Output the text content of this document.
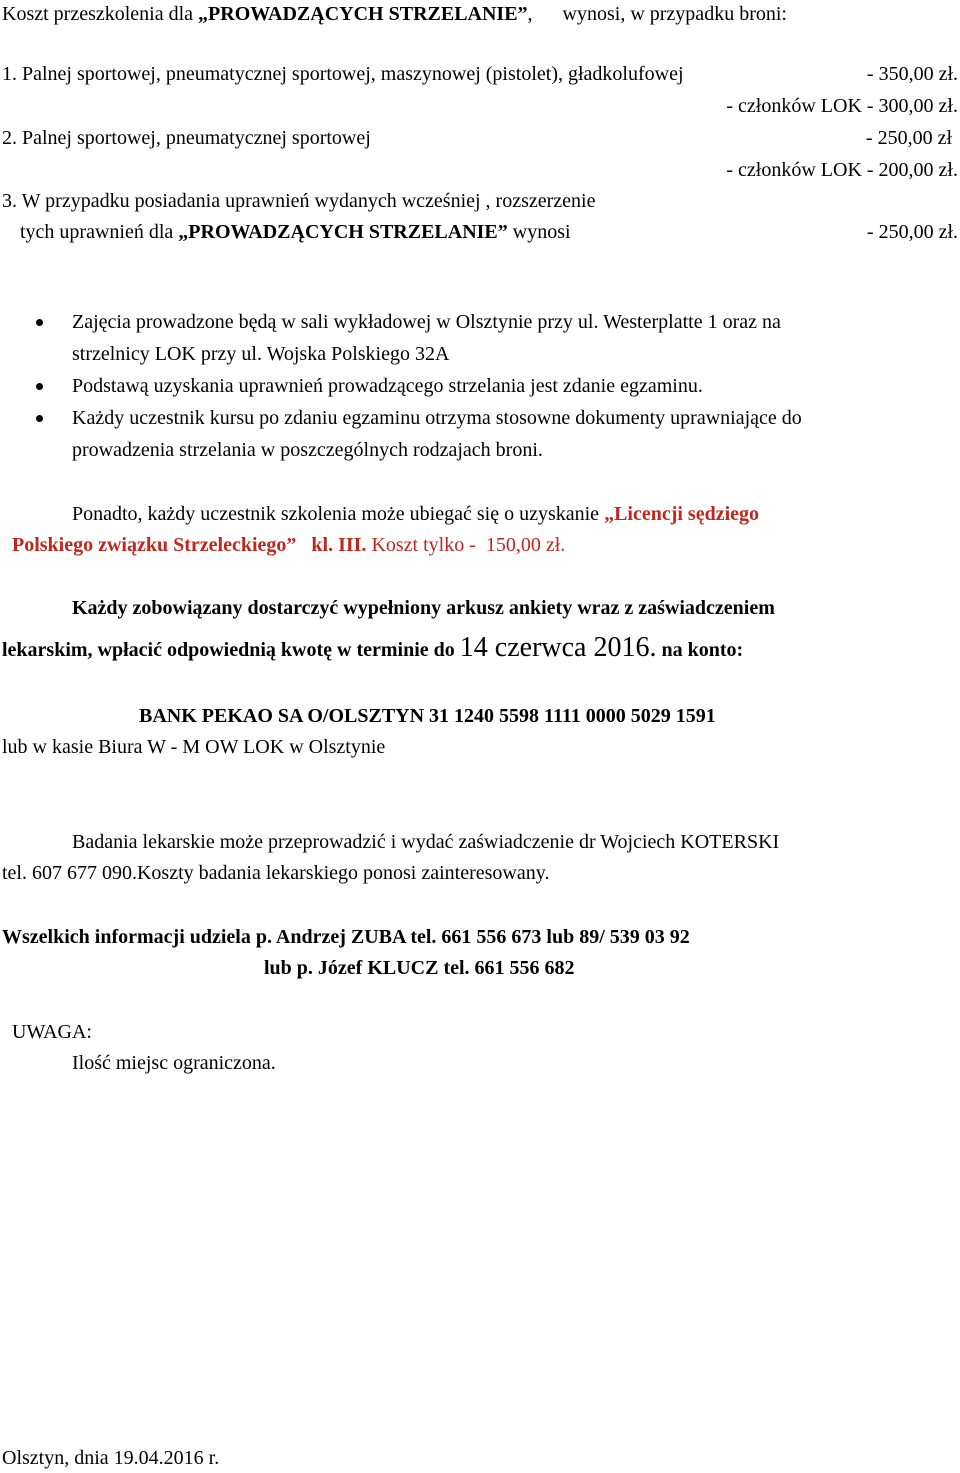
Koszt przeszkolenia dla „PROWADZĄCYCH STRZELANIE”,      wynosi, w przypadku broni:
1. Palnej sportowej, pneumatycznej sportowej, maszynowej (pistolet), gładkolufowej	- 350,00 zł.
- członków LOK - 300,00 zł.
2. Palnej sportowej, pneumatycznej sportowej	- 250,00 zł
- członków LOK - 200,00 zł.
3. W przypadku posiadania uprawnień wydanych wcześniej , rozszerzenie
tych uprawnień dla „PROWADZĄCYCH STRZELANIE” wynosi	- 250,00 zł.
Zajęcia prowadzone będą w sali wykładowej w Olsztynie przy ul. Westerplatte 1 oraz na
strzelnicy LOK przy ul. Wojska Polskiego 32A
Podstawą uzyskania uprawnień prowadzącego strzelania jest zdanie egzaminu.
Każdy uczestnik kursu po zdaniu egzaminu otrzyma stosowne dokumenty uprawniające do
prowadzenia strzelania w poszczególnych rodzajach broni.
Ponadto, każdy uczestnik szkolenia może ubiegać się o uzyskanie „Licencji sędziego
Polskiego związku Strzeleckiego”   kl. III. Koszt tylko -  150,00 zł.
Każdy zobowiązany dostarczyć wypełniony arkusz ankiety wraz z zaświadczeniem
lekarskim, wpłacić odpowiednią kwotę w terminie do 14 czerwca 2016. na konto:
BANK PEKAO SA O/OLSZTYN 31 1240 5598 1111 0000 5029 1591
lub w kasie Biura W - M OW LOK w Olsztynie
Badania lekarskie może przeprowadzić i wydać zaświadczenie dr Wojciech KOTERSKI
tel. 607 677 090.Koszty badania lekarskiego ponosi zainteresowany.
Wszelkich informacji udziela p. Andrzej ZUBA tel. 661 556 673 lub 89/ 539 03 92
lub p. Józef KLUCZ tel. 661 556 682
UWAGA:
Ilość miejsc ograniczona.
Olsztyn, dnia 19.04.2016 r.
